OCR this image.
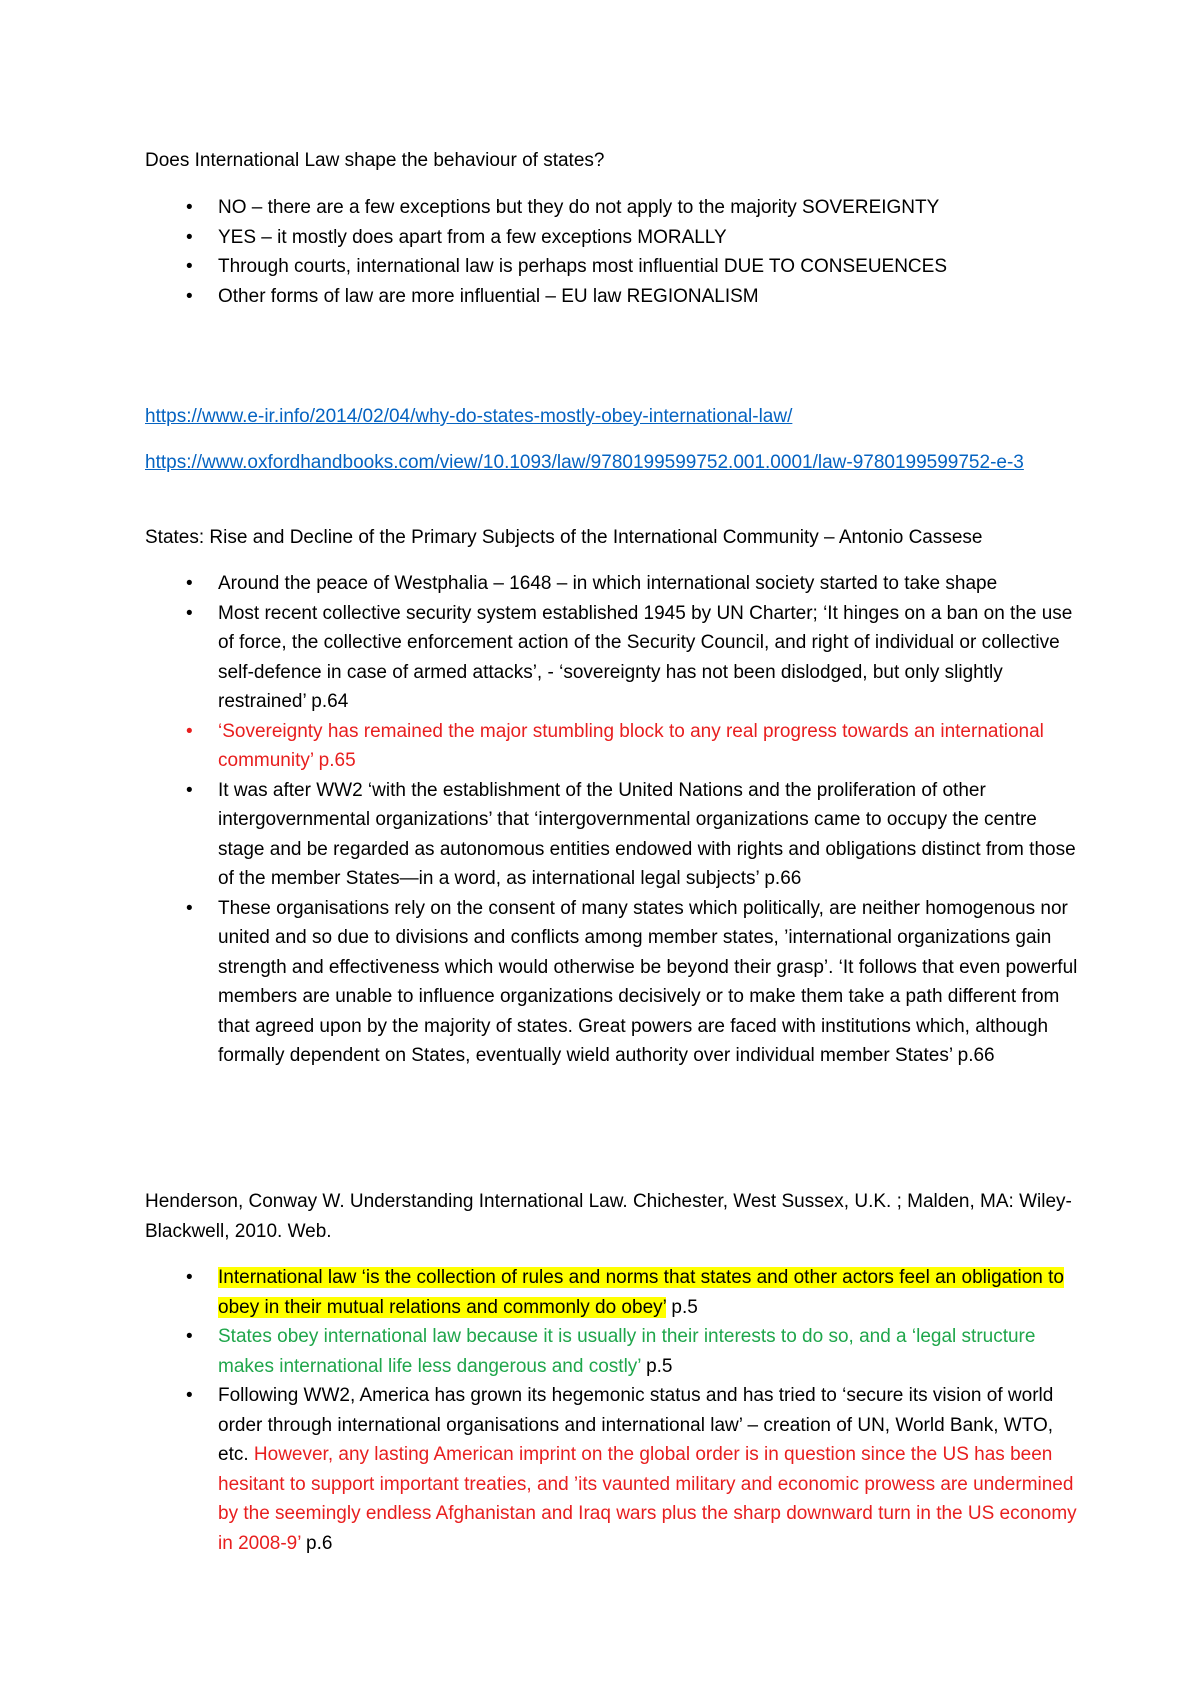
Does International Law shape the behaviour of states?

• NO – there are a few exceptions but they do not apply to the majority SOVEREIGNTY
• YES – it mostly does apart from a few exceptions MORALLY
• Through courts, international law is perhaps most influential DUE TO CONSEUENCES
• Other forms of law are more influential – EU law REGIONALISM

https://www.e-ir.info/2014/02/04/why-do-states-mostly-obey-international-law/

https://www.oxfordhandbooks.com/view/10.1093/law/9780199599752.001.0001/law-9780199599752-e-3

States: Rise and Decline of the Primary Subjects of the International Community – Antonio Cassese

• Around the peace of Westphalia – 1648 – in which international society started to take shape
• Most recent collective security system established 1945 by UN Charter; ‘It hinges on a ban on the use of force, the collective enforcement action of the Security Council, and right of individual or collective self-defence in case of armed attacks’, - ‘sovereignty has not been dislodged, but only slightly restrained’ p.64
• ‘Sovereignty has remained the major stumbling block to any real progress towards an international community’ p.65
• It was after WW2 ‘with the establishment of the United Nations and the proliferation of other intergovernmental organizations’ that ‘intergovernmental organizations came to occupy the centre stage and be regarded as autonomous entities endowed with rights and obligations distinct from those of the member States—in a word, as international legal subjects’ p.66
• These organisations rely on the consent of many states which politically, are neither homogenous nor united and so due to divisions and conflicts among member states, ’international organizations gain strength and effectiveness which would otherwise be beyond their grasp’. ‘It follows that even powerful members are unable to influence organizations decisively or to make them take a path different from that agreed upon by the majority of states. Great powers are faced with institutions which, although formally dependent on States, eventually wield authority over individual member States’ p.66

Henderson, Conway W. Understanding International Law. Chichester, West Sussex, U.K. ; Malden, MA: Wiley-Blackwell, 2010. Web.

• International law ‘is the collection of rules and norms that states and other actors feel an obligation to obey in their mutual relations and commonly do obey’ p.5
• States obey international law because it is usually in their interests to do so, and a ‘legal structure makes international life less dangerous and costly’ p.5
• Following WW2, America has grown its hegemonic status and has tried to ‘secure its vision of world order through international organisations and international law’ – creation of UN, World Bank, WTO, etc. However, any lasting American imprint on the global order is in question since the US has been hesitant to support important treaties, and ’its vaunted military and economic prowess are undermined by the seemingly endless Afghanistan and Iraq wars plus the sharp downward turn in the US economy in 2008-9’ p.6
